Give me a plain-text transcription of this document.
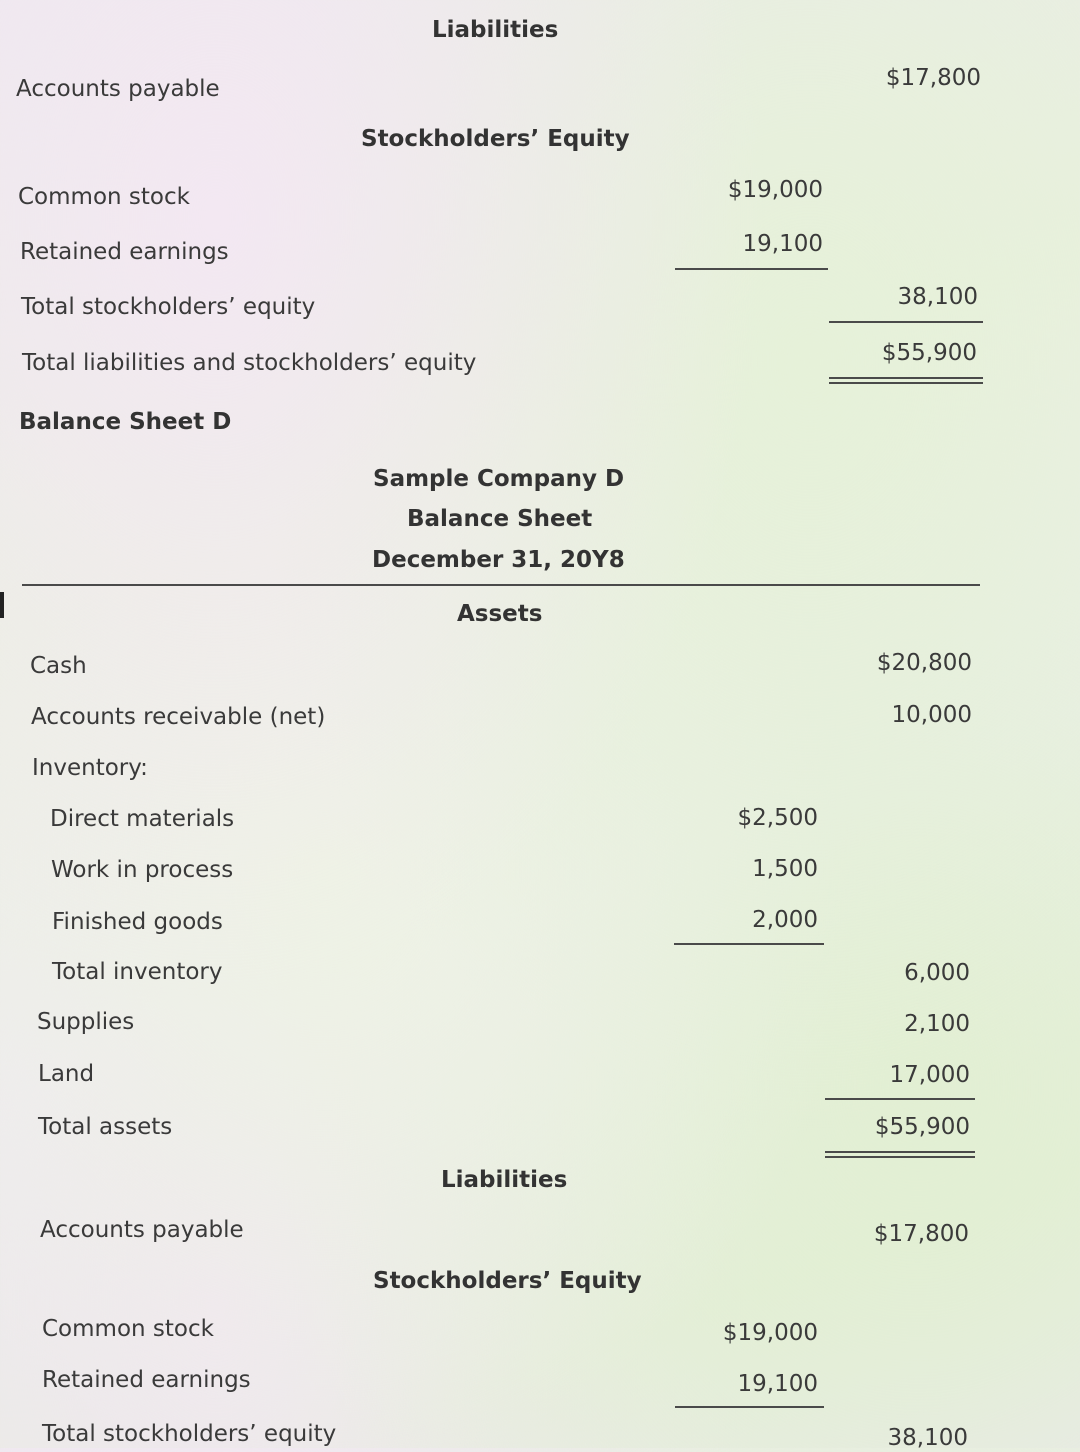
Liabilities
Accounts payable	$17,800
Stockholders’ Equity
Common stock	$19,000
Retained earnings	19,100
Total stockholders’ equity	38,100
Total liabilities and stockholders’ equity	$55,900
Balance Sheet D
Sample Company D
Balance Sheet
December 31, 20Y8
Assets
Cash	$20,800
Accounts receivable (net)	10,000
Inventory:
Direct materials	$2,500
Work in process	1,500
Finished goods	2,000
Total inventory	6,000
Supplies	2,100
Land	17,000
Total assets	$55,900
Liabilities
Accounts payable	$17,800
Stockholders’ Equity
Common stock	$19,000
Retained earnings	19,100
Total stockholders’ equity	38,100
